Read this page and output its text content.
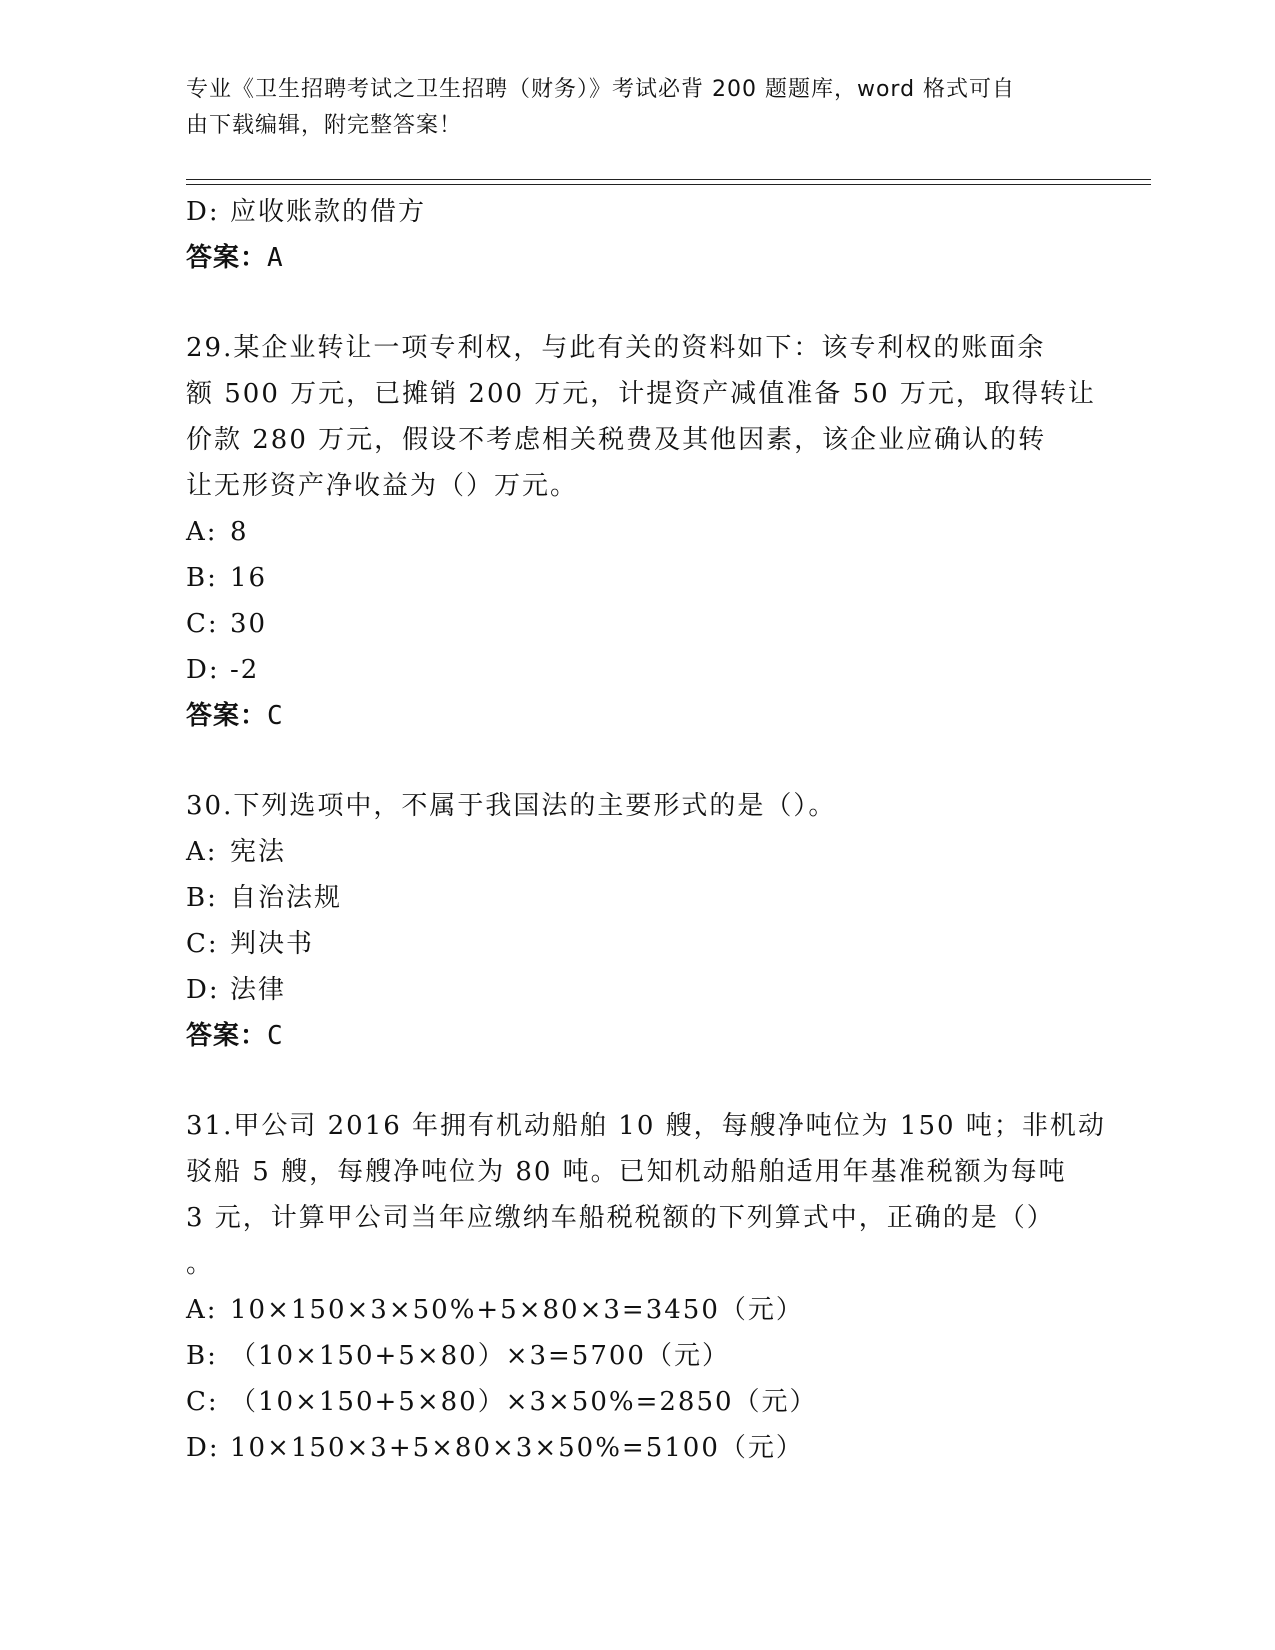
专业《卫生招聘考试之卫生招聘（财务）》考试必背 200 题题库，word 格式可自
由下载编辑，附完整答案！
D: 应收账款的借方
答案：A
29.某企业转让一项专利权，与此有关的资料如下：该专利权的账面余
额 500 万元，已摊销 200 万元，计提资产减值准备 50 万元，取得转让
价款 280 万元，假设不考虑相关税费及其他因素，该企业应确认的转
让无形资产净收益为（）万元。
A: 8
B: 16
C: 30
D: -2
答案：C
30.下列选项中，不属于我国法的主要形式的是（）。
A: 宪法
B: 自治法规
C: 判决书
D: 法律
答案：C
31.甲公司 2016 年拥有机动船舶 10 艘，每艘净吨位为 150 吨；非机动
驳船 5 艘，每艘净吨位为 80 吨。已知机动船舶适用年基准税额为每吨
3 元，计算甲公司当年应缴纳车船税税额的下列算式中，正确的是（）
。
A: 10×150×3×50%+5×80×3=3450（元）
B: （10×150+5×80）×3=5700（元）
C: （10×150+5×80）×3×50%=2850（元）
D: 10×150×3+5×80×3×50%=5100（元）
